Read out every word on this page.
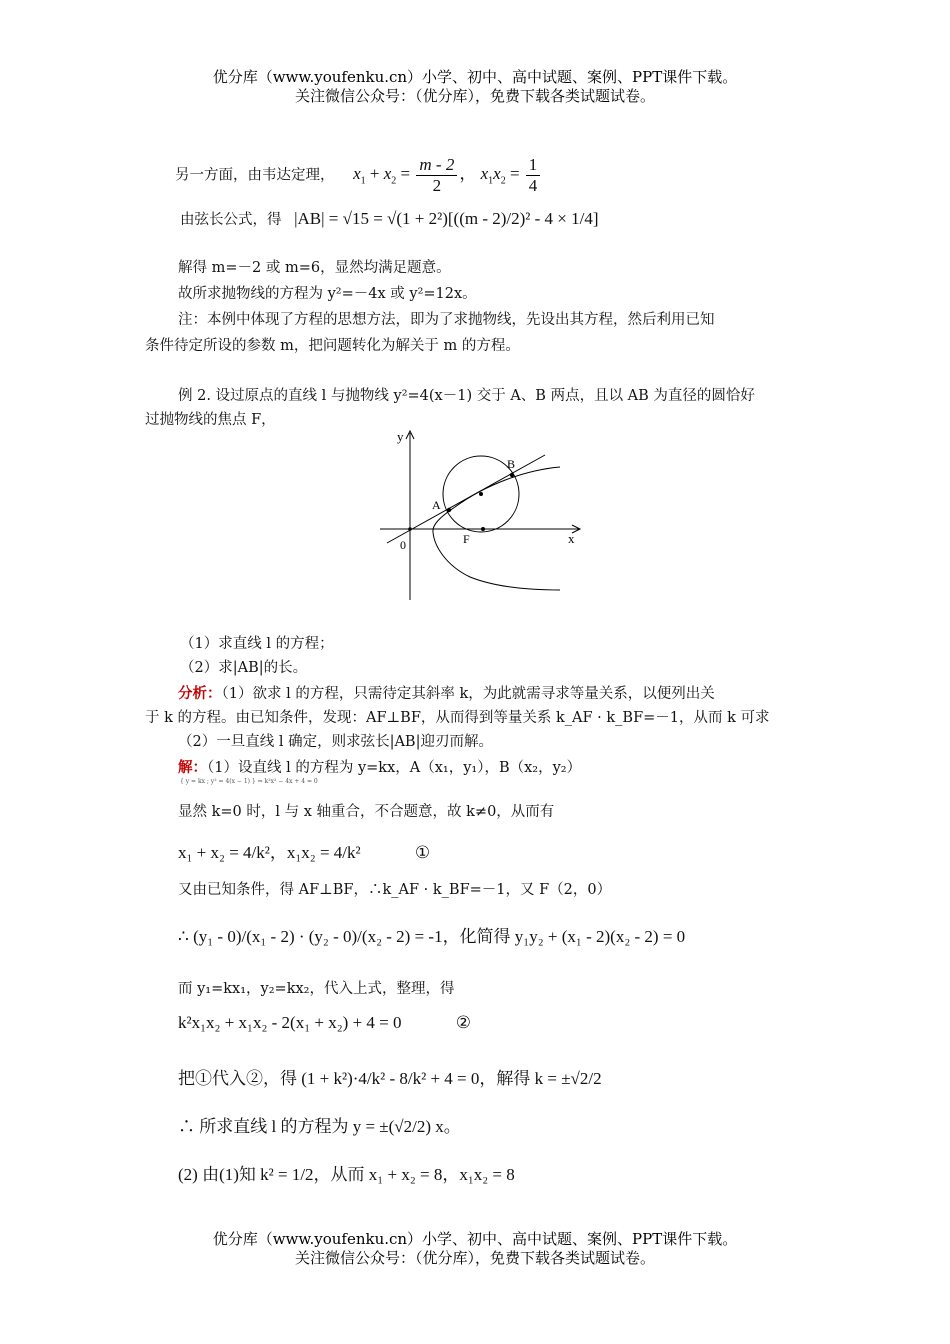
优分库（www.youfenku.cn）小学、初中、高中试题、案例、PPT课件下载。
关注微信公众号：（优分库），免费下载各类试题试卷。
另一方面，由韦达定理， $x_1 + x_2 = \frac{m - 2}{2}$ ， $x_1x_2 = \frac{1}{4}$
由弦长公式，得 |AB| = √15 = √(1 + 2²)[((m - 2)/2)² - 4 × 1/4]
解得 m=－2 或 m=6，显然均满足题意。
故所求抛物线的方程为 y²=－4x 或 y²=12x。
注：本例中体现了方程的思想方法，即为了求抛物线，先设出其方程，然后利用已知
条件待定所设的参数 m，把问题转化为解关于 m 的方程。
例 2. 设过原点的直线 l 与抛物线 y²=4(x－1) 交于 A、B 两点，且以 AB 为直径的圆恰好
过抛物线的焦点 F，
y
x
0
A
B
F
（1）求直线 l 的方程；
（2）求|AB|的长。
分析：（1）欲求 l 的方程，只需待定其斜率 k，为此就需寻求等量关系，以便列出关
于 k 的方程。由已知条件，发现：AF⊥BF，从而得到等量关系 k_AF · k_BF=－1，从而 k 可求
（2）一旦直线 l 确定，则求弦长|AB|迎刃而解。
解：（1）设直线 l 的方程为 y=kx，A（x₁，y₁），B（x₂，y₂）
{ y = kx ; y² = 4(x − 1) } ⇒ k²x² − 4x + 4 = 0
显然 k=0 时，l 与 x 轴重合，不合题意，故 k≠0，从而有
x₁ + x₂ = 4/k²，x₁x₂ = 4/k²	①
又由已知条件，得 AF⊥BF，∴k_AF · k_BF=－1，又 F（2，0）
∴ (y₁ - 0)/(x₁ - 2) · (y₂ - 0)/(x₂ - 2) = -1，化简得 y₁y₂ + (x₁ - 2)(x₂ - 2) = 0
而 y₁=kx₁，y₂=kx₂，代入上式，整理，得
k²x₁x₂ + x₁x₂ - 2(x₁ + x₂) + 4 = 0	②
把①代入②，得 (1 + k²)·4/k² - 8/k² + 4 = 0，解得 k = ±√2/2
∴ 所求直线 l 的方程为 y = ±(√2/2) x。
(2) 由(1)知 k² = 1/2，从而 x₁ + x₂ = 8，x₁x₂ = 8
优分库（www.youfenku.cn）小学、初中、高中试题、案例、PPT课件下载。
关注微信公众号：（优分库），免费下载各类试题试卷。
